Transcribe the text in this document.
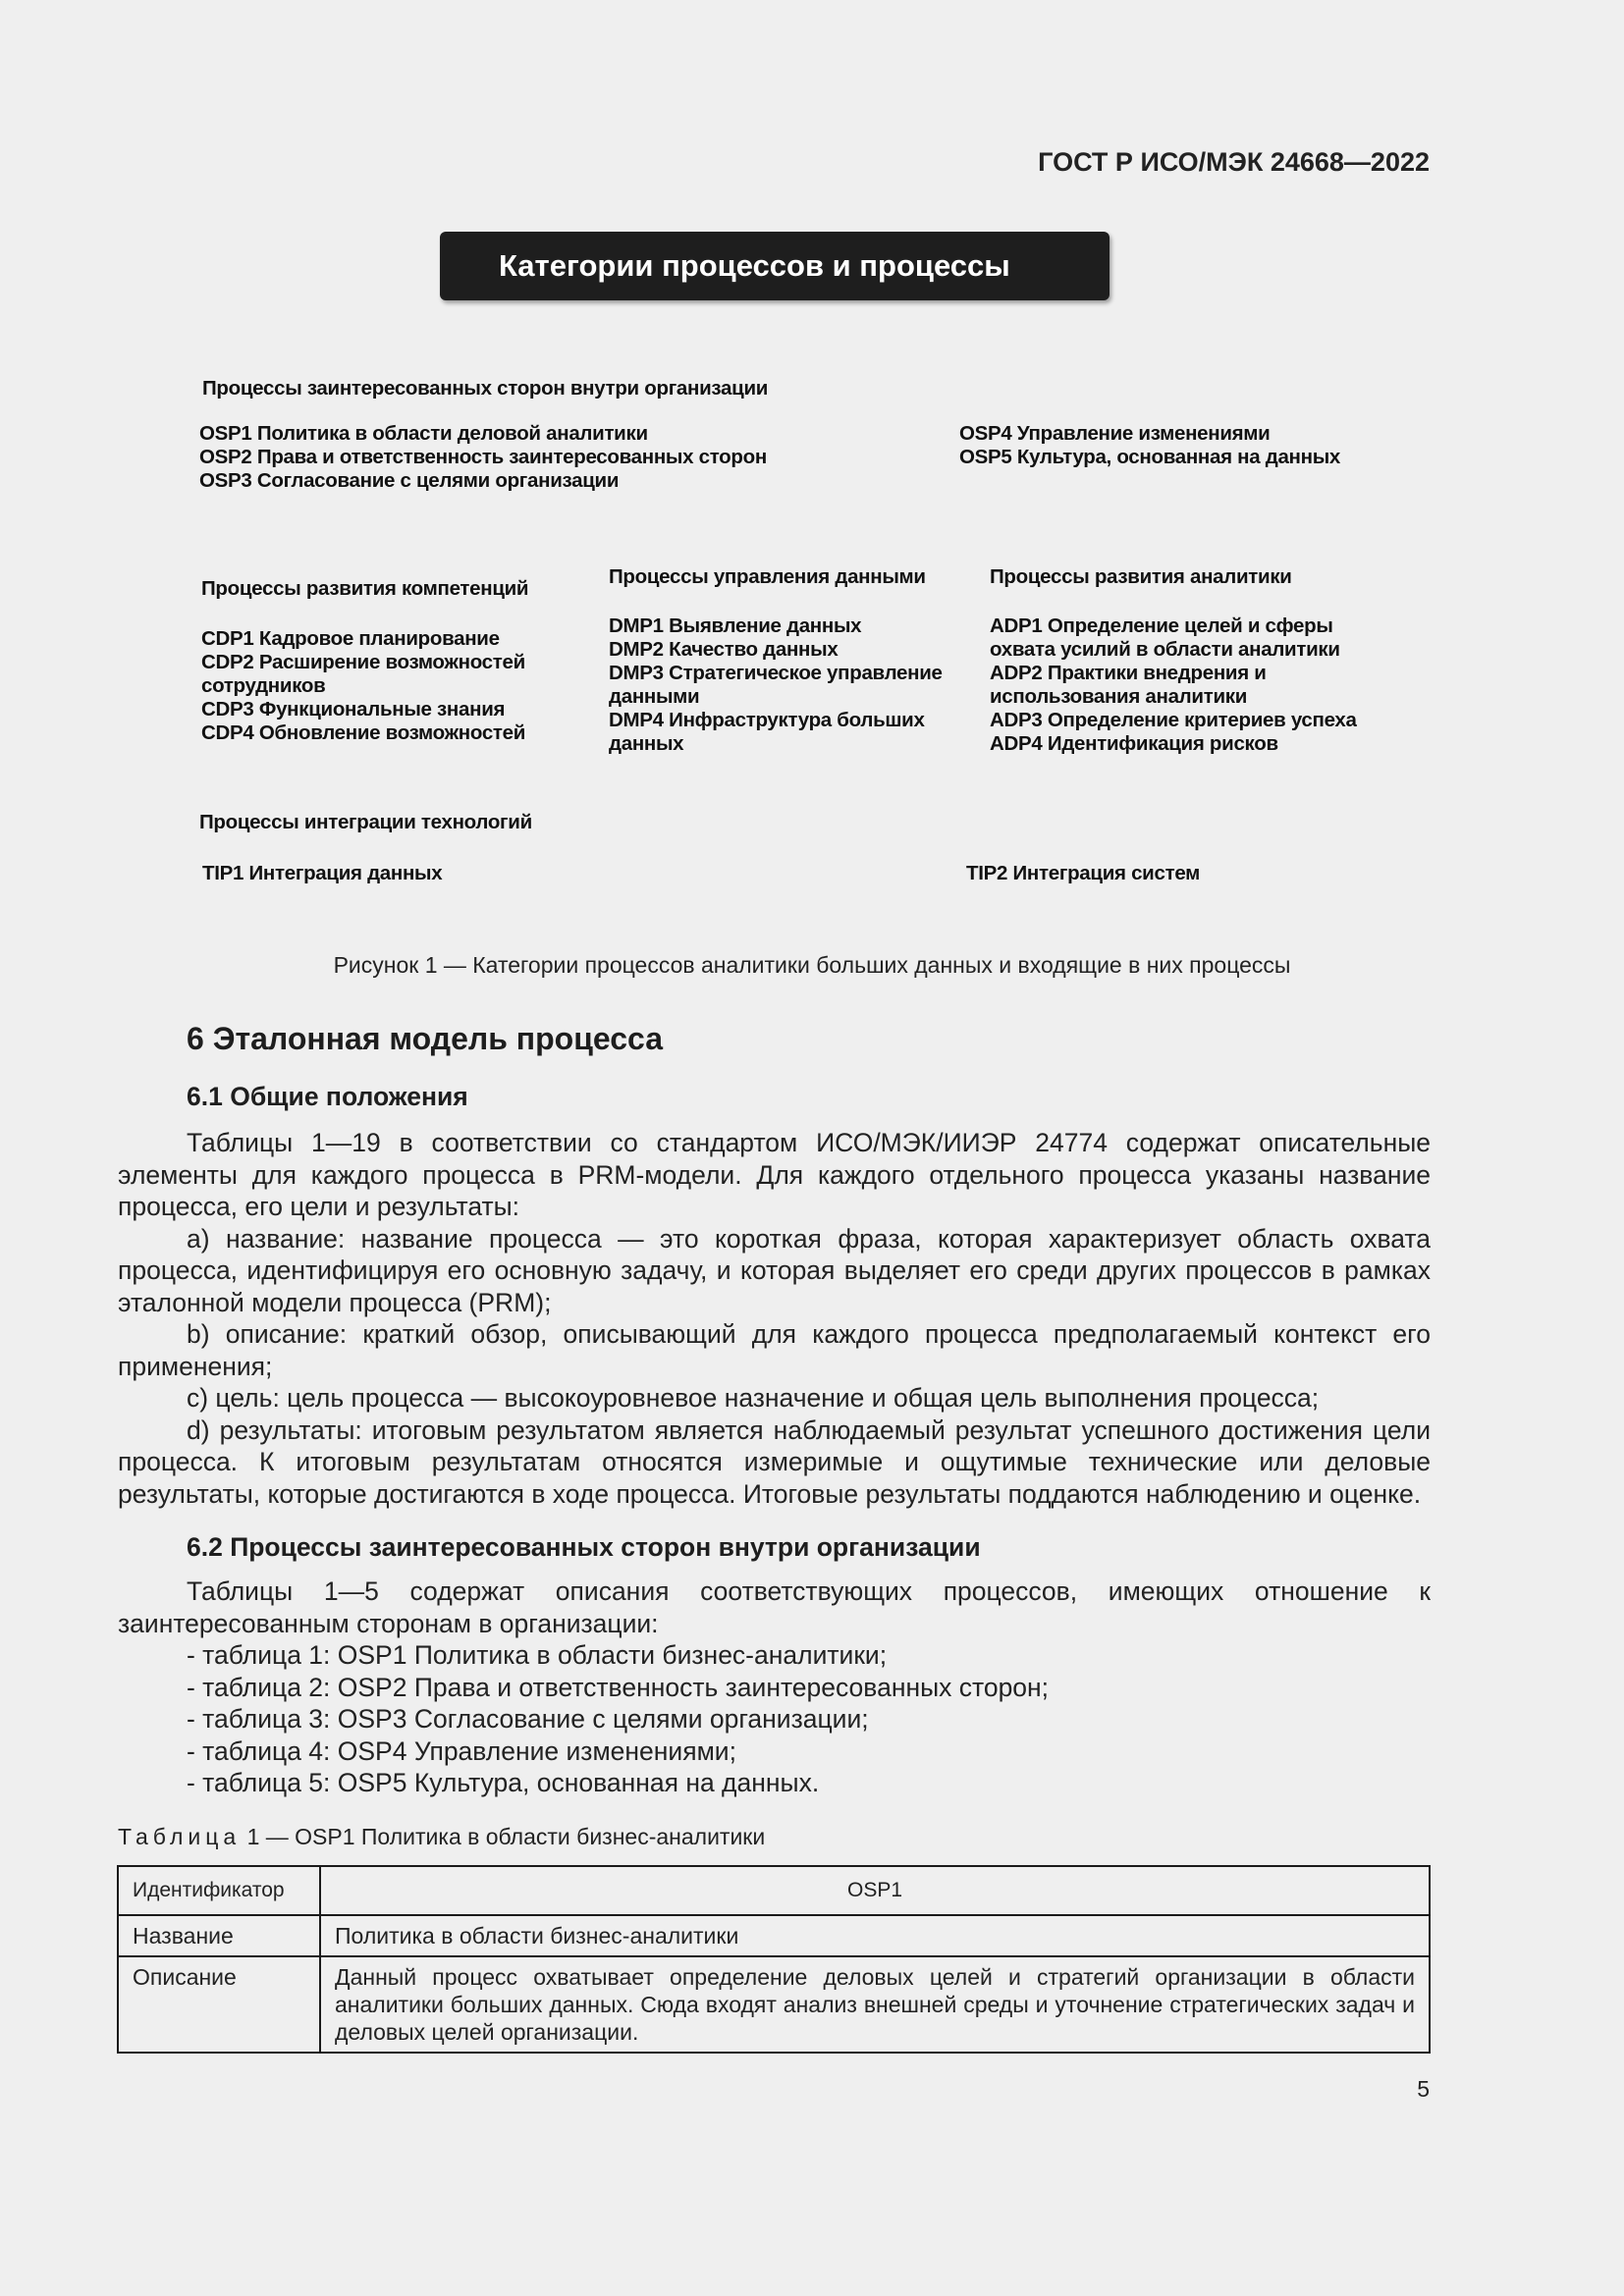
ГОСТ Р ИСО/МЭК 24668—2022
Категории процессов и процессы
Процессы заинтересованных сторон внутри организации
OSP1 Политика в области деловой аналитики
OSP2 Права и ответственность заинтересованных сторон
OSP3 Согласование с целями организации
OSP4 Управление изменениями
OSP5 Культура, основанная на данных
Процессы развития компетенций
CDP1 Кадровое планирование
CDP2 Расширение возможностей
сотрудников
CDP3 Функциональные знания
CDP4 Обновление возможностей
Процессы управления данными
DMP1 Выявление данных
DMP2 Качество данных
DMP3 Стратегическое управление
данными
DMP4 Инфраструктура больших
данных
Процессы развития аналитики
ADP1 Определение целей и сферы
охвата усилий в области аналитики
ADP2 Практики внедрения и
использования аналитики
ADP3 Определение критериев успеха
ADP4 Идентификация рисков
Процессы интеграции технологий
TIP1 Интеграция данных	TIP2 Интеграция систем
Рисунок 1 — Категории процессов аналитики больших данных и входящие в них процессы
6 Эталонная модель процесса
6.1 Общие положения

Таблицы 1—19 в соответствии со стандартом ИСО/МЭК/ИИЭР 24774 содержат описательные элементы для каждого процесса в PRM-модели. Для каждого отдельного процесса указаны название процесса, его цели и результаты:

а) название: название процесса — это короткая фраза, которая характеризует область охвата процесса, идентифицируя его основную задачу, и которая выделяет его среди других процессов в рамках эталонной модели процесса (PRM);

b) описание: краткий обзор, описывающий для каждого процесса предполагаемый контекст его применения;

c) цель: цель процесса — высокоуровневое назначение и общая цель выполнения процесса;

d) результаты: итоговым результатом является наблюдаемый результат успешного достижения цели процесса. К итоговым результатам относятся измеримые и ощутимые технические или деловые результаты, которые достигаются в ходе процесса. Итоговые результаты поддаются наблюдению и оценке.

6.2 Процессы заинтересованных сторон внутри организации

Таблицы 1—5 содержат описания соответствующих процессов, имеющих отношение к заинтересованным сторонам в организации:

- таблица 1: OSP1 Политика в области бизнес-аналитики;

- таблица 2: OSP2 Права и ответственность заинтересованных сторон;

- таблица 3: OSP3 Согласование с целями организации;

- таблица 4: OSP4 Управление изменениями;

- таблица 5: OSP5 Культура, основанная на данных.

Таблица 1 — OSP1 Политика в области бизнес-аналитики
Идентификатор	OSP1
Название	Политика в области бизнес-аналитики
Описание	Данный процесс охватывает определение деловых целей и стратегий организации в области аналитики больших данных. Сюда входят анализ внешней среды и уточнение стратегических задач и деловых целей организации.
5
